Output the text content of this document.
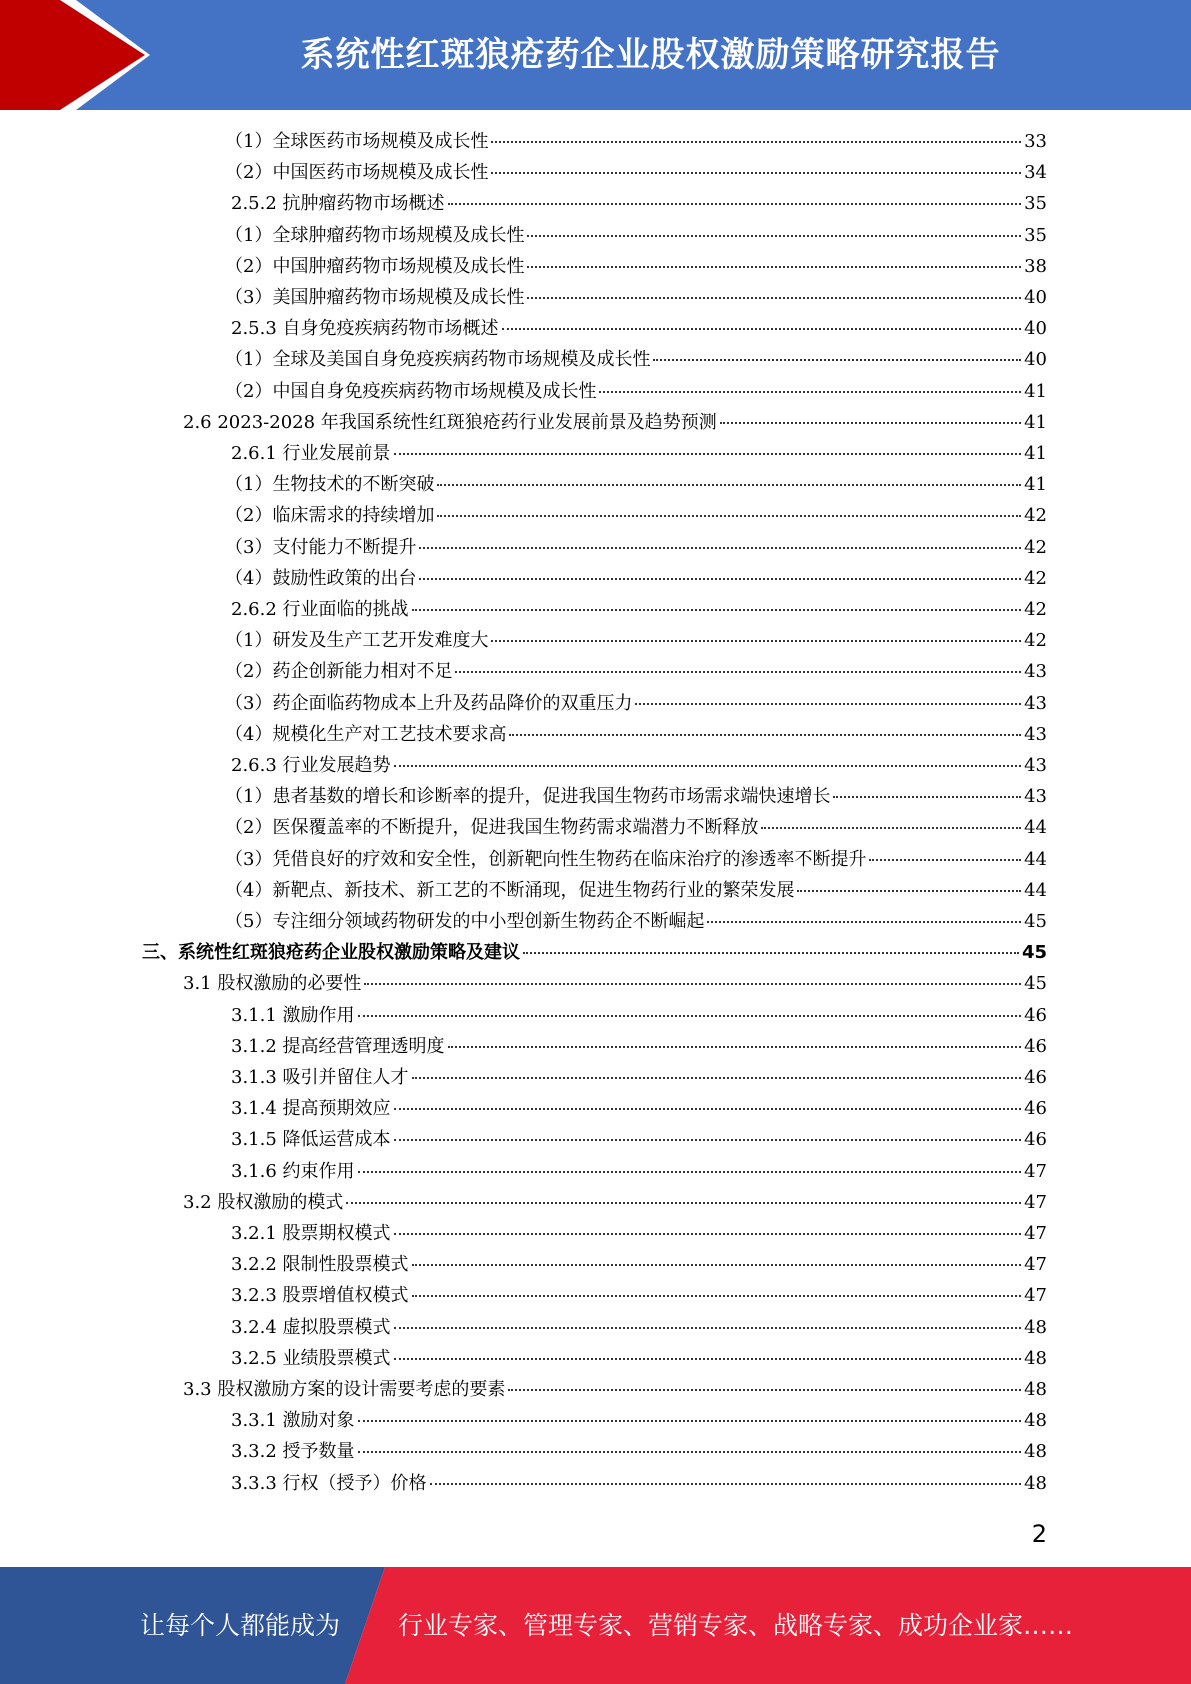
系统性红斑狼疮药企业股权激励策略研究报告
（1）全球医药市场规模及成长性	33
（2）中国医药市场规模及成长性	34
2.5.2 抗肿瘤药物市场概述	35
（1）全球肿瘤药物市场规模及成长性	35
（2）中国肿瘤药物市场规模及成长性	38
（3）美国肿瘤药物市场规模及成长性	40
2.5.3 自身免疫疾病药物市场概述	40
（1）全球及美国自身免疫疾病药物市场规模及成长性	40
（2）中国自身免疫疾病药物市场规模及成长性	41
2.6 2023-2028 年我国系统性红斑狼疮药行业发展前景及趋势预测	41
2.6.1 行业发展前景	41
（1）生物技术的不断突破	41
（2）临床需求的持续增加	42
（3）支付能力不断提升	42
（4）鼓励性政策的出台	42
2.6.2 行业面临的挑战	42
（1）研发及生产工艺开发难度大	42
（2）药企创新能力相对不足	43
（3）药企面临药物成本上升及药品降价的双重压力	43
（4）规模化生产对工艺技术要求高	43
2.6.3 行业发展趋势	43
（1）患者基数的增长和诊断率的提升，促进我国生物药市场需求端快速增长	43
（2）医保覆盖率的不断提升，促进我国生物药需求端潜力不断释放	44
（3）凭借良好的疗效和安全性，创新靶向性生物药在临床治疗的渗透率不断提升	44
（4）新靶点、新技术、新工艺的不断涌现，促进生物药行业的繁荣发展	44
（5）专注细分领域药物研发的中小型创新生物药企不断崛起	45
三、系统性红斑狼疮药企业股权激励策略及建议	45
3.1 股权激励的必要性	45
3.1.1 激励作用	46
3.1.2 提高经营管理透明度	46
3.1.3 吸引并留住人才	46
3.1.4 提高预期效应	46
3.1.5 降低运营成本	46
3.1.6 约束作用	47
3.2 股权激励的模式	47
3.2.1 股票期权模式	47
3.2.2 限制性股票模式	47
3.2.3 股票增值权模式	47
3.2.4 虚拟股票模式	48
3.2.5 业绩股票模式	48
3.3 股权激励方案的设计需要考虑的要素	48
3.3.1 激励对象	48
3.3.2 授予数量	48
3.3.3 行权（授予）价格	48
2
让每个人都能成为 行业专家、管理专家、营销专家、战略专家、成功企业家……
